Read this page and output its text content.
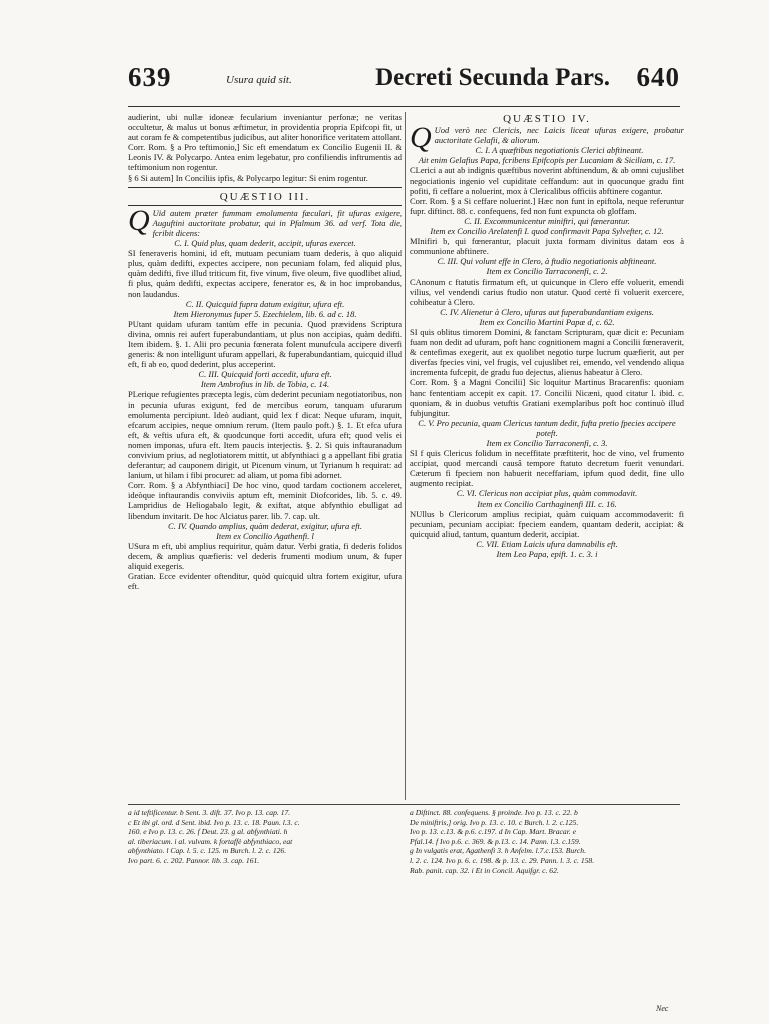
639	Usura quid sit.	Decreti Secunda Pars. 640

audierint, ubi nullæ idoneæ fecularium inveniantur perfonæ; ne veritas occultetur, & malus ut bonus æftimetur, in providentia propria Epifcopi fit, ut aut coram fe & competentibus judicibus, aut aliter honorifice veritatem attollant.

Corr. Rom. § a Pro teftimonio,] Sic eft emendatum ex Concilio Eugenii II. & Leonis IV. & Polycarpo. Antea enim legebatur, pro confiliendis inftrumentis ad teftimonium non rogentur.

§ 6 Si autem] In Conciliis ipfis, & Polycarpo legitur: Si enim rogentur.

QUÆSTIO III.

Q Uid autem præter fummam emolumenta fæculari, fit ufuras exigere, Auguftini auctoritate probatur, qui in Pfalmum 36. ad verf. Tota die, fcribit dicens:

C. I. Quid plus, quam dederit, accipit, ufuras exercet.

SI feneraveris homini, id eft, mutuam pecuniam tuam dederis, à quo aliquid plus, quàm dedifti, expectes accipere, non pecuniam folam, fed aliquid plus, quàm dedifti, five illud triticum fit, five vinum, five oleum, five quodlibet aliud, fi plus, quàm dedifti, expectas accipere, fenerator es, & in hoc improbandus, non laudandus.

C. II. Quicquid fupra datum exigitur, ufura eft.

Item Hieronymus fuper 5. Ezechielem, lib. 6. ad c. 18.

PUtant quidam ufuram tantùm effe in pecunia. Quod prævidens Scriptura divina, omnis rei aufert fuperabundantiam, ut plus non accipias, quàm dedifti. Item ibidem. §. 1. Alii pro pecunia fœnerata folent munufcula accipere diverfi generis: & non intelligunt ufuram appellari, & fuperabundantiam, quicquid illud eft, fi ab eo, quod dederint, plus acceperint.

C. III. Quicquid forti accedit, ufura eft.

Item Ambrofius in lib. de Tobia, c. 14.

PLerique refugientes præcepta legis, cùm dederint pecuniam negotiatoribus, non in pecunia ufuras exigunt, fed de mercibus eorum, tanquam ufurarum emolumenta percipiunt. Ideò audiant, quid lex f dicat: Neque ufuram, inquit, efcarum accipies, neque omnium rerum. (Item paulo poft.) §. 1. Et efca ufura eft, & veftis ufura eft, & quodcunque forti accedit, ufura eft; quod velis ei nomen imponas, ufura eft. Item paucis interjectis. §. 2. Si quis inftauranadum convivium prius, ad neglotiatorem mittit, ut abfynthiaci g a appellant fibi gratia deferantur; ad cauponem dirigit, ut Picenum vinum, ut Tyrianum h requirat: ad lanium, ut hilam i fibi procuret: ad aliam, ut poma fibi adornet.

Corr. Rom. § a Abfynthiaci] De hoc vino, quod tardam coctionem acceleret, ideòque inftaurandis conviviis aptum eft, meminit Diofcorides, lib. 5. c. 49. Lampridius de Heliogabalo legit, & exiftat, atque abfynthio ebulligat ad libendum invitarit. De hoc Alciatus parer. lib. 7. cap. ult.

C. IV. Quando amplius, quàm dederat, exigitur, ufura eft.

Item ex Concilio Agathenfi. l

USura m eft, ubi amplius requiritur, quàm datur. Verbi gratia, fi dederis folidos decem, & amplius quæfieris: vel dederis frumenti modium unum, & fuper aliquid exegeris.

Gratian. Ecce evidenter oftenditur, quòd quicquid ultra fortem exigitur, ufura eft.

QUÆSTIO IV.

Q Uod verò nec Clericis, nec Laicis liceat ufuras exigere, probatur auctoritate Gelafii, & aliorum.

C. I. A quæftibus negotiationis Clerici abftineant.

Ait enim Gelafius Papa, fcribens Epifcopis per Lucaniam & Siciliam, c. 17.

CLerici a aut ab indignis quæftibus noverint abftinendum, & ab omni cujuslibet negociationis ingenio vel cupiditate ceffandum: aut in quocunque gradu fint pofiti, fi ceffare a noluerint, mox à Clericalibus officiis abftinere cogantur.

Corr. Rom. § a Si ceffare noluerint.] Hæc non funt in epiftola, neque referuntur fupr. diftinct. 88. c. confequens, fed non funt expuncta ob gloffam.

C. II. Excommunicentur miniftri, qui fænerantur.

Item ex Concilio Arelatenfi I. quod confirmavit Papa Sylvefter, c. 12.

MInifiri b, qui fœnerantur, placuit juxta formam divinitus datam eos à communione abftinere.

C. III. Qui volunt effe in Clero, à ftudio negotiationis abftineant.

Item ex Concilio Tarraconenfi, c. 2.

CAnonum c ftatutis firmatum eft, ut quicunque in Clero effe voluerit, emendi vilius, vel vendendi carius ftudio non utatur. Quod certè fi voluerit exercere, cohibeatur à Clero.

C. IV. Alienetur à Clero, ufuras aut fuperabundantiam exigens.

Item ex Concilio Martini Papæ d, c. 62.

SI quis oblitus timorem Domini, & fanctam Scripturam, quæ dicit e: Pecuniam fuam non dedit ad ufuram, poft hanc cognitionem magni a Concilii fœneraverit, & centefimas exegerit, aut ex quolibet negotio turpe lucrum quæfierit, aut per diverfas fpecies vini, vel frugis, vel cujuslibet rei, emendo, vel vendendo aliqua incrementa fufcepit, de gradu fuo dejectus, alienus habeatur à Clero.

Corr. Rom. § a Magni Concilii] Sic loquitur Martinus Bracarenfis: quoniam hanc fententiam accepit ex capit. 17. Concilii Nicæni, quod citatur l. ibid. c. quoniam, & in duobus vetuftis Gratiani exemplaribus poft hoc continuò illud fubjungitur.

C. V. Pro pecunia, quam Clericus tantum dedit, fufta pretio fpecies accipere poteft.

Item ex Concilio Tarraconenfi, c. 3.

SI f quis Clericus folidum in neceffitate præftiterit, hoc de vino, vel frumento accipiat, quod mercandi causâ tempore ftatuto decretum fuerit venundari. Cæterum fi fpeciem non habuerit neceffariam, ipfum quod dedit, fine ullo augmento recipiat.

C. VI. Clericus non accipiat plus, quàm commodavit.

Item ex Concilio Carthaginenfi III. c. 16.

NUllus b Clericorum amplius recipiat, quàm cuiquam accommodaverit: fi pecuniam, pecuniam accipiat: fpeciem eandem, quantam dederit, accipiat: & quicquid aliud, tantum, quantum dederit, accipiat.

C. VII. Etiam Laicis ufura damnabilis eft.

Item Leo Papa, epift. 1. c. 3. i

a id teftificentur. b Sent. 3. dift. 37. Ivo p. 13. cap. 17.

c Et ibi gl. ord. d Sent. ibid. Ivo p. 13. c. 18. Paun. l.3. c.

160. e Ivo p. 13. c. 26. f Deut. 23. g al. abfynthiati. h

al. tiberiacum. i al. vulvam. k fortaffè abfynthiaco, eat

abfynthiato. l Cap. l. 5. c. 125. m Burch. l. 2. c. 126.

Ivo part. 6. c. 202. Pannor. lib. 3. cap. 161.

a Diftinct. 88. confequens. § proinde. Ivo p. 13. c. 22. b

De miniftris,] orig. Ivo p. 13. c. 10. c Burch. l. 2. c.125.

Ivo p. 13. c.13. & p.6. c.197. d In Cap. Mart. Bracar. e

Pfal.14. f Ivo p.6. c. 369. & p.13. c. 14. Pann. l.3. c.159.

g In vulgatis erat, Agathenfi 3. h Anfelm. l.7.c.153. Burch.

l. 2. c. 124. Ivo p. 6. c. 198. & p. 13. c. 29. Pann. l. 3. c. 158.

Rab. panit. cap. 32. i Et in Concil. Aquifgr. c. 62.

Nec
